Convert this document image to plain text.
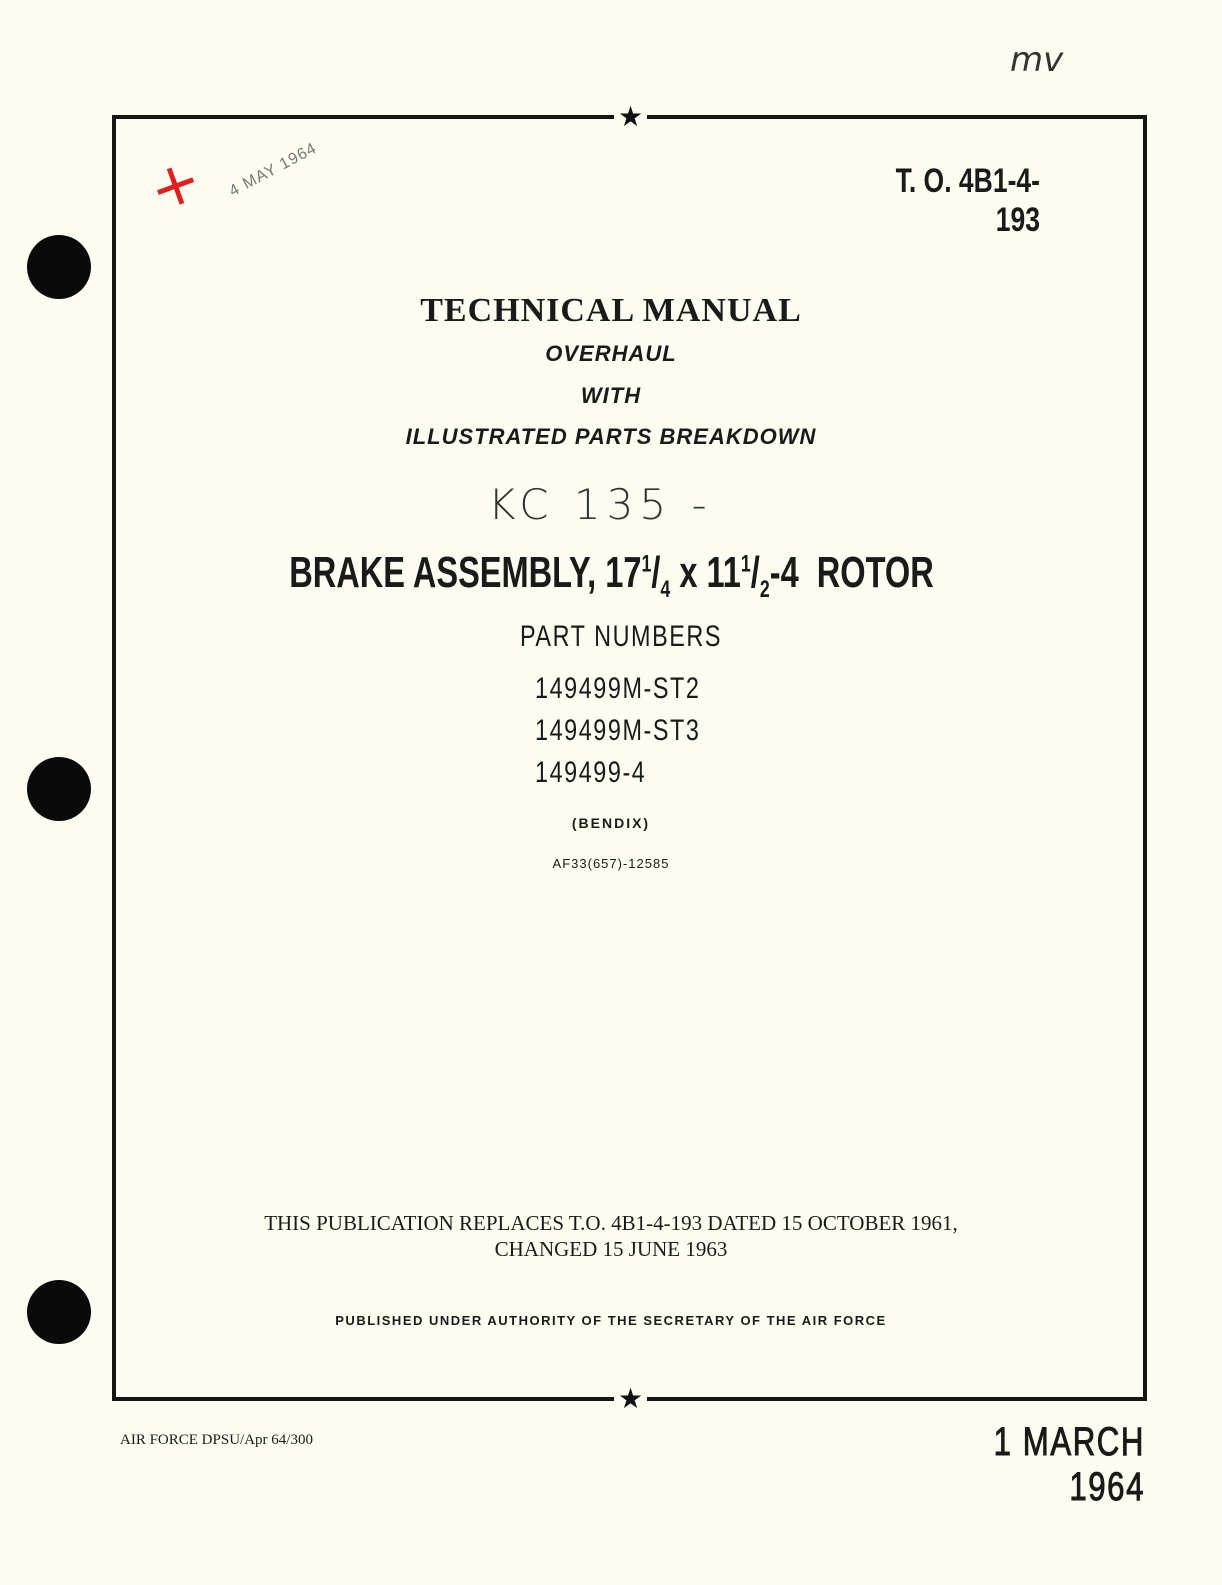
★
★
mv
+ 4 MAY 1964	T. O. 4B1-4-193
TECHNICAL MANUAL
OVERHAUL
WITH
ILLUSTRATED PARTS BREAKDOWN
KC 135 -
BRAKE ASSEMBLY, $17^1/_4$ x $11^1/_2-4$  ROTOR
PART NUMBERS
149499M-ST2
149499M-ST3
149499-4
(BENDIX)
AF33(657)-12585
THIS PUBLICATION REPLACES T.O. 4B1-4-193 DATED 15 OCTOBER 1961,
CHANGED 15 JUNE 1963
PUBLISHED UNDER AUTHORITY OF THE SECRETARY OF THE AIR FORCE
AIR FORCE DPSU/Apr 64/300	1 MARCH 1964
